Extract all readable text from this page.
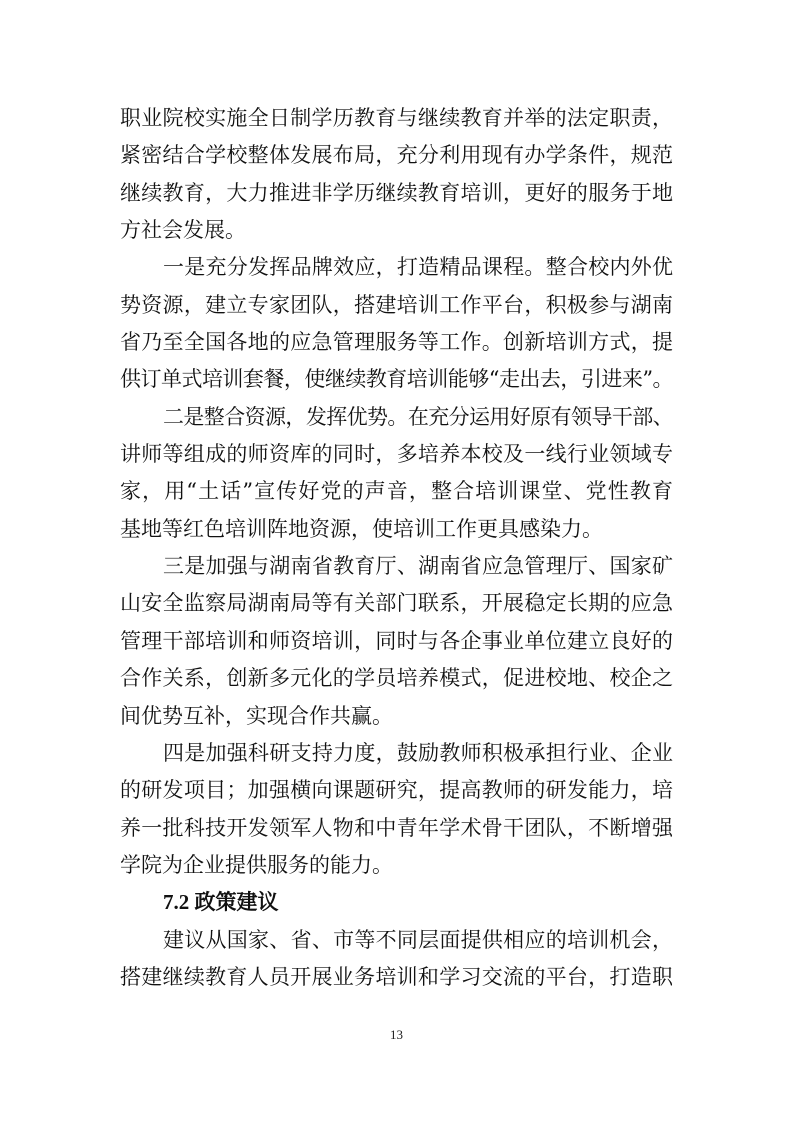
职业院校实施全日制学历教育与继续教育并举的法定职责，
紧密结合学校整体发展布局，充分利用现有办学条件，规范
继续教育，大力推进非学历继续教育培训，更好的服务于地
方社会发展。
一是充分发挥品牌效应，打造精品课程。整合校内外优
势资源，建立专家团队，搭建培训工作平台，积极参与湖南
省乃至全国各地的应急管理服务等工作。创新培训方式，提
供订单式培训套餐，使继续教育培训能够“走出去，引进来”。
二是整合资源，发挥优势。在充分运用好原有领导干部、
讲师等组成的师资库的同时，多培养本校及一线行业领域专
家，用“土话”宣传好党的声音，整合培训课堂、党性教育
基地等红色培训阵地资源，使培训工作更具感染力。
三是加强与湖南省教育厅、湖南省应急管理厅、国家矿
山安全监察局湖南局等有关部门联系，开展稳定长期的应急
管理干部培训和师资培训，同时与各企事业单位建立良好的
合作关系，创新多元化的学员培养模式，促进校地、校企之
间优势互补，实现合作共赢。
四是加强科研支持力度，鼓励教师积极承担行业、企业
的研发项目；加强横向课题研究，提高教师的研发能力，培
养一批科技开发领军人物和中青年学术骨干团队，不断增强
学院为企业提供服务的能力。
7.2 政策建议
建议从国家、省、市等不同层面提供相应的培训机会，
搭建继续教育人员开展业务培训和学习交流的平台，打造职
13
